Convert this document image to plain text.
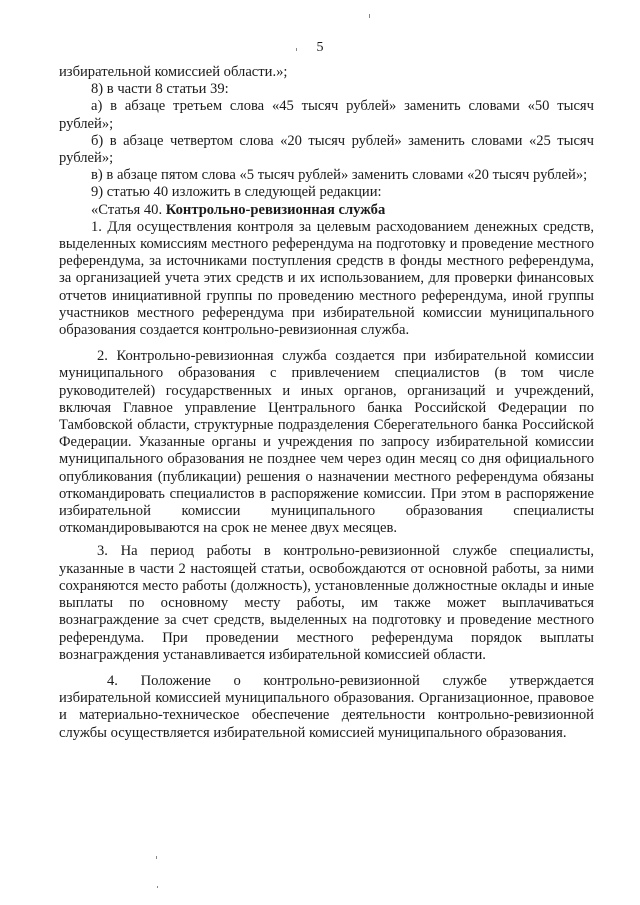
5

избирательной комиссией области.»;

8) в части 8 статьи 39:

а) в абзаце третьем слова «45 тысяч рублей» заменить словами «50 тысяч рублей»;

б) в абзаце четвертом слова «20 тысяч рублей» заменить словами «25 тысяч рублей»;

в) в абзаце пятом слова «5 тысяч рублей» заменить словами «20 тысяч рублей»;

9) статью 40 изложить в следующей редакции:

«Статья 40. Контрольно-ревизионная служба

1. Для осуществления контроля за целевым расходованием денежных средств, выделенных комиссиям местного референдума на подготовку и проведение местного референдума, за источниками поступления средств в фонды местного референдума, за организацией учета этих средств и их использованием, для проверки финансовых отчетов инициативной группы по проведению местного референдума, иной группы участников местного референдума при избирательной комиссии муниципального образования создается контрольно-ревизионная служба.

2. Контрольно-ревизионная служба создается при избирательной комиссии муниципального образования с привлечением специалистов (в том числе руководителей) государственных и иных органов, организаций и учреждений, включая Главное управление Центрального банка Российской Федерации по Тамбовской области, структурные подразделения Сберегательного банка Российской Федерации. Указанные органы и учреждения по запросу избирательной комиссии муниципального образования не позднее чем через один месяц со дня официального опубликования (публикации) решения о назначении местного референдума обязаны откомандировать специалистов в распоряжение комиссии. При этом в распоряжение избирательной комиссии муниципального образования специалисты откомандировываются на срок не менее двух месяцев.

3. На период работы в контрольно-ревизионной службе специалисты, указанные в части 2 настоящей статьи, освобождаются от основной работы, за ними сохраняются место работы (должность), установленные должностные оклады и иные выплаты по основному месту работы, им также может выплачиваться вознаграждение за счет средств, выделенных на подготовку и проведение местного референдума. При проведении местного референдума порядок выплаты вознаграждения устанавливается избирательной комиссией области.

4. Положение о контрольно-ревизионной службе утверждается избирательной комиссией муниципального образования. Организационное, правовое и материально-техническое обеспечение деятельности контрольно-ревизионной службы осуществляется избирательной комиссией муниципального образования.
